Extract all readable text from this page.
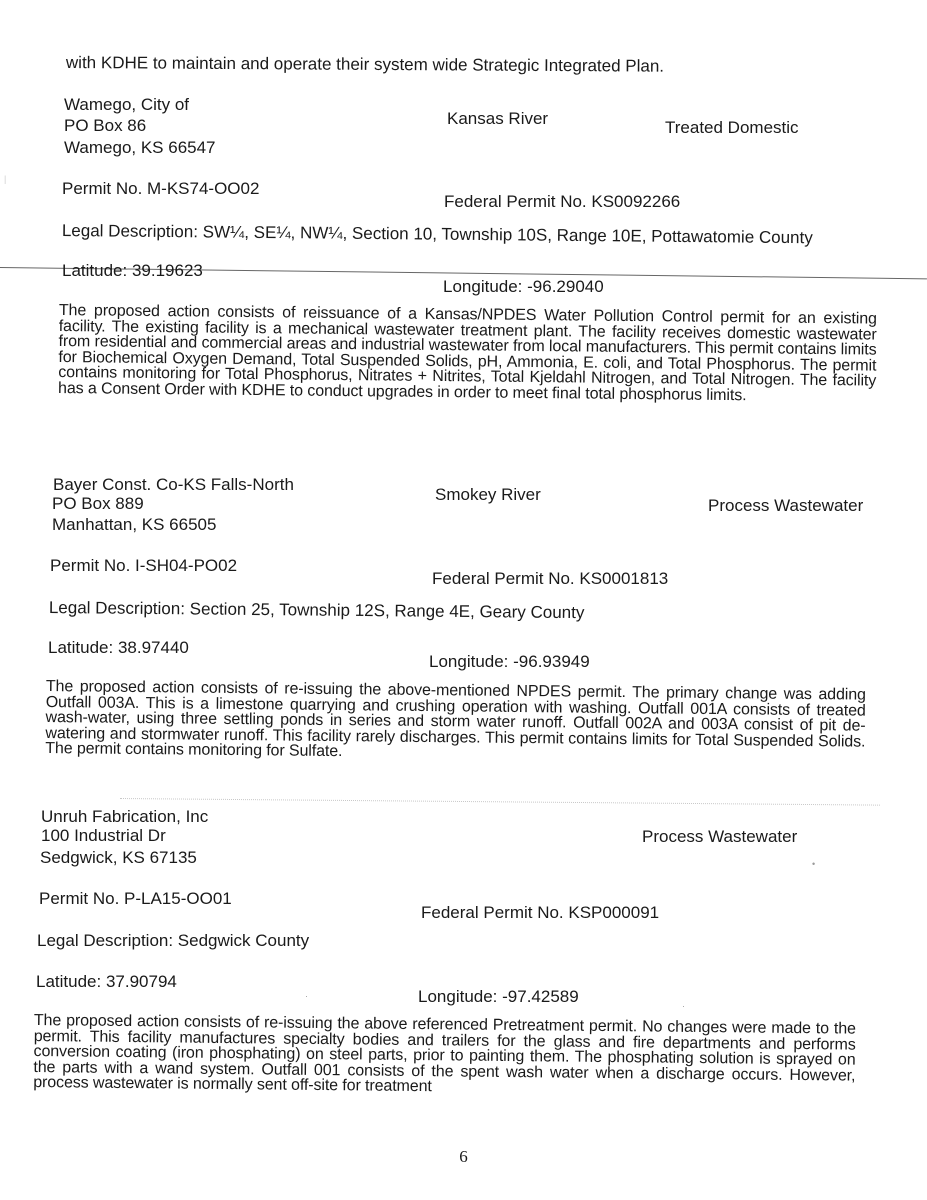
with KDHE to maintain and operate their system wide Strategic Integrated Plan.
Wamego, City of
PO Box 86
Wamego, KS 66547
Kansas River	Treated Domestic
Permit No. M-KS74-OO02
Federal Permit No. KS0092266
Legal Description: SW¼, SE¼, NW¼, Section 10, Township 10S, Range 10E, Pottawatomie County
Latitude: 39.19623
Longitude: -96.29040
The proposed action consists of reissuance of a Kansas/NPDES Water Pollution Control permit for an existing facility. The existing facility is a mechanical wastewater treatment plant. The facility receives domestic wastewater from residential and commercial areas and industrial wastewater from local manufacturers. This permit contains limits for Biochemical Oxygen Demand, Total Suspended Solids, pH, Ammonia, E. coli, and Total Phosphorus. The permit contains monitoring for Total Phosphorus, Nitrates + Nitrites, Total Kjeldahl Nitrogen, and Total Nitrogen. The facility has a Consent Order with KDHE to conduct upgrades in order to meet final total phosphorus limits.
Bayer Const. Co-KS Falls-North
PO Box 889
Manhattan, KS 66505
Smokey River
Process Wastewater
Permit No. I-SH04-PO02
Federal Permit No. KS0001813
Legal Description: Section 25, Township 12S, Range 4E, Geary County
Latitude: 38.97440
Longitude: -96.93949
The proposed action consists of re-issuing the above-mentioned NPDES permit. The primary change was adding Outfall 003A. This is a limestone quarrying and crushing operation with washing. Outfall 001A consists of treated wash-water, using three settling ponds in series and storm water runoff. Outfall 002A and 003A consist of pit de-watering and stormwater runoff. This facility rarely discharges. This permit contains limits for Total Suspended Solids. The permit contains monitoring for Sulfate.
Unruh Fabrication, Inc
100 Industrial Dr
Sedgwick, KS 67135
Process Wastewater
Permit No. P-LA15-OO01
Federal Permit No. KSP000091
Legal Description: Sedgwick County
Latitude: 37.90794
Longitude: -97.42589
The proposed action consists of re-issuing the above referenced Pretreatment permit. No changes were made to the permit. This facility manufactures specialty bodies and trailers for the glass and fire departments and performs conversion coating (iron phosphating) on steel parts, prior to painting them. The phosphating solution is sprayed on the parts with a wand system. Outfall 001 consists of the spent wash water when a discharge occurs. However, process wastewater is normally sent off-site for treatment
6
•
·
·
|
